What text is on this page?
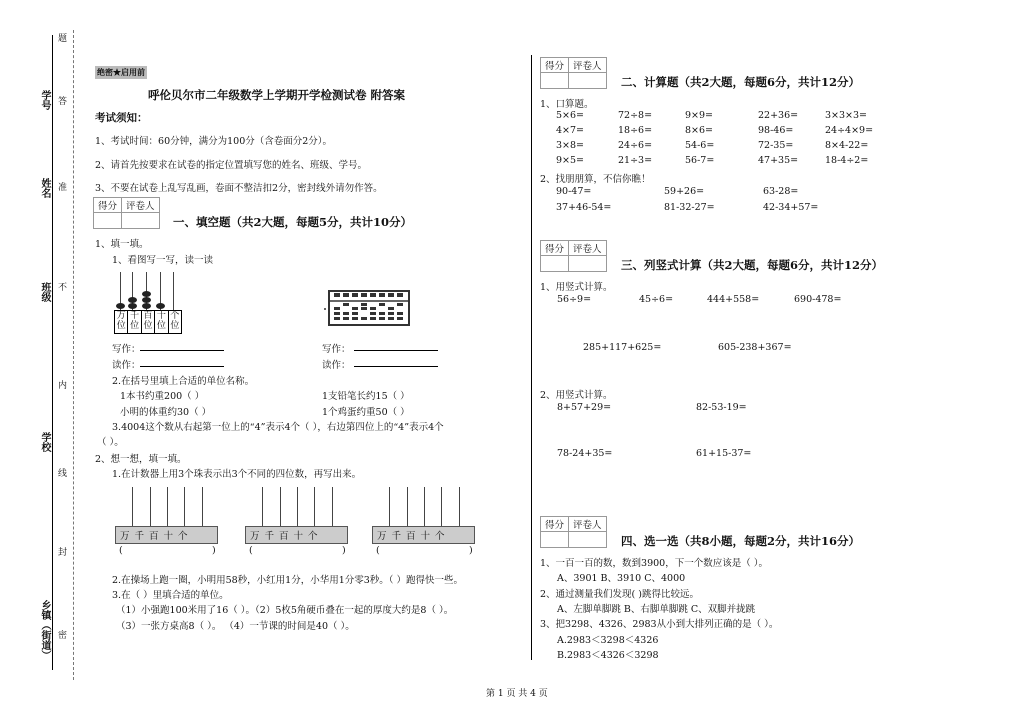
题
学号 答
姓名 准
班级 不
内
学校
线
封
乡镇（街道） 密
绝密★启用前
呼伦贝尔市二年级数学上学期开学检测试卷 附答案
考试须知：
1、考试时间：60分钟，满分为100分（含卷面分2分）。
2、请首先按要求在试卷的指定位置填写您的姓名、班级、学号。
3、不要在试卷上乱写乱画，卷面不整洁扣2分，密封线外请勿作答。
得分	评卷人

一、填空题（共2大题，每题5分，共计10分）
1、填一填。
1、看图写一写，读一读
万位
千位
百位
十位
个位
写作：	写作：
读作：	读作：
2.在括号里填上合适的单位名称。
1本书约重200（ ）	1支铅笔长约15（ ）
小明的体重约30（ ）	1个鸡蛋约重50（ ）
3.4004这个数从右起第一位上的“4”表示4个（ ），右边第四位上的“4”表示4个
（ ）。
2、想一想，填一填。
1.在计数器上用3个珠表示出3个不同的四位数，再写出来。
万千百十个
(	)
万千百十个
(	)
万千百十个
(	)
2.在操场上跑一圈，小明用58秒，小红用1分，小华用1分零3秒。（ ）跑得快一些。
3.在（ ）里填合适的单位。
（1）小强跑100米用了16（ ）。（2）5枚5角硬币叠在一起的厚度大约是8（ ）。
（3）一张方桌高8（ ）。 （4）一节课的时间是40（ ）。
得分	评卷人

二、计算题（共2大题，每题6分，共计12分）
1、口算题。
5×6=	72÷8=	9×9=	22+36=	3×3×3=
4×7=	18÷6=	8×6=	98-46=	24÷4×9=
3×8=	24÷6=	54-6=	72-35=	8×4-22=
9×5=	21÷3=	56-7=	47+35=	18-4÷2=
2、找朋朋算，不信你瞧！
90-47=	59+26=	63-28=
37+46-54=	81-32-27=	42-34+57=
得分	评卷人

三、列竖式计算（共2大题，每题6分，共计12分）
1、用竖式计算。
56÷9=	45÷6=	444+558=	690-478=
285+117+625=	605-238+367=
2、用竖式计算。
8+57+29=	82-53-19=
78-24+35=	61+15-37=
得分	评卷人

四、选一选（共8小题，每题2分，共计16分）
1、一百一百的数，数到3900，下一个数应该是（ ）。
A、3901 B、3910 C、4000
2、通过测量我们发现( )跳得比较远。
A、左脚单脚跳 B、右脚单脚跳 C、双脚并拢跳
3、把3298、4326、2983从小到大排列正确的是（ ）。
A.2983＜3298＜4326
B.2983＜4326＜3298
第 1 页 共 4 页
